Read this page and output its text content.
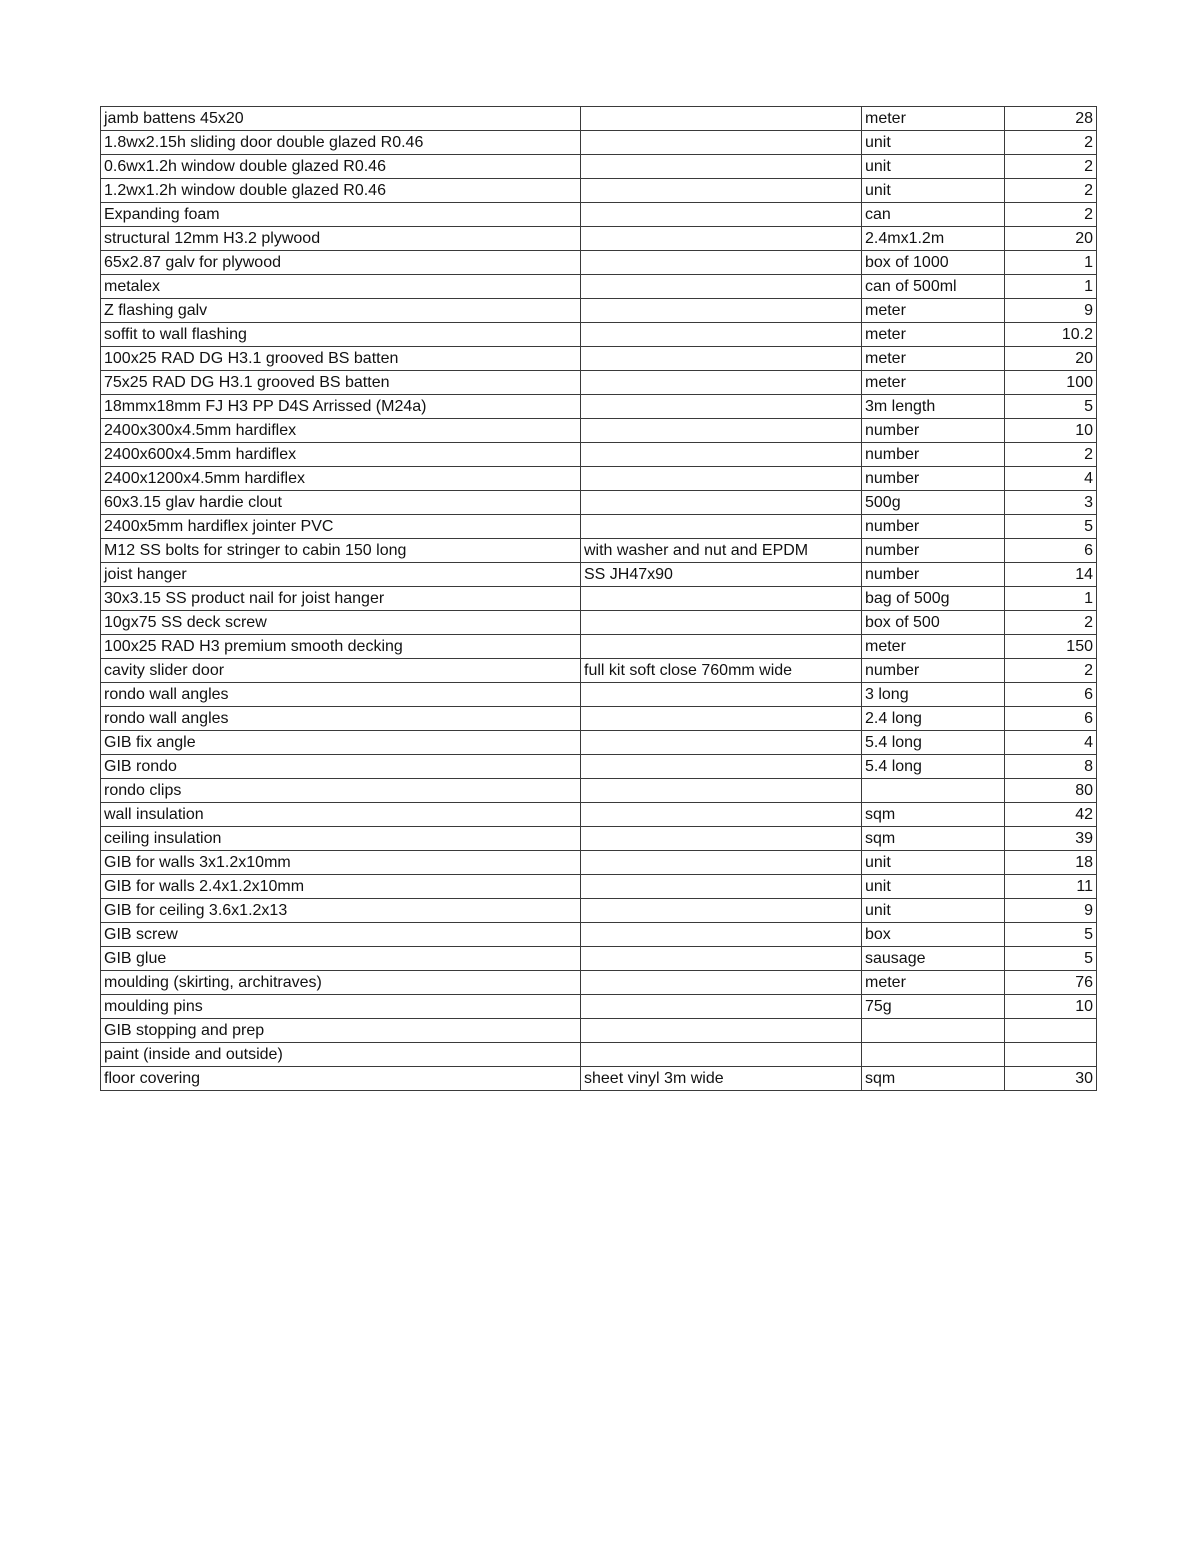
jamb battens 45x20		meter	28
1.8wx2.15h sliding door double glazed R0.46		unit	2
0.6wx1.2h window double glazed R0.46		unit	2
1.2wx1.2h window double glazed R0.46		unit	2
Expanding foam		can	2
structural 12mm H3.2 plywood		2.4mx1.2m	20
65x2.87 galv for plywood		box of 1000	1
metalex		can of 500ml	1
Z flashing galv		meter	9
soffit to wall flashing		meter	10.2
100x25 RAD DG H3.1 grooved BS batten		meter	20
75x25 RAD DG H3.1 grooved BS batten		meter	100
18mmx18mm FJ H3 PP D4S Arrissed (M24a)		3m length	5
2400x300x4.5mm hardiflex		number	10
2400x600x4.5mm hardiflex		number	2
2400x1200x4.5mm hardiflex		number	4
60x3.15 glav hardie clout		500g	3
2400x5mm hardiflex jointer PVC		number	5
M12 SS bolts for stringer to cabin 150 long	with washer and nut and EPDM	number	6
joist hanger	SS JH47x90	number	14
30x3.15 SS product nail for joist hanger		bag of 500g	1
10gx75 SS deck screw		box of 500	2
100x25 RAD H3 premium smooth decking		meter	150
cavity slider door	full kit soft close 760mm wide	number	2
rondo wall angles		3 long	6
rondo wall angles		2.4 long	6
GIB fix angle		5.4 long	4
GIB rondo		5.4 long	8
rondo clips			80
wall insulation		sqm	42
ceiling insulation		sqm	39
GIB for walls 3x1.2x10mm		unit	18
GIB for walls 2.4x1.2x10mm		unit	11
GIB for ceiling 3.6x1.2x13		unit	9
GIB screw		box	5
GIB glue		sausage	5
moulding (skirting, architraves)		meter	76
moulding pins		75g	10
GIB stopping and prep			
paint (inside and outside)			
floor covering	sheet vinyl 3m wide	sqm	30
